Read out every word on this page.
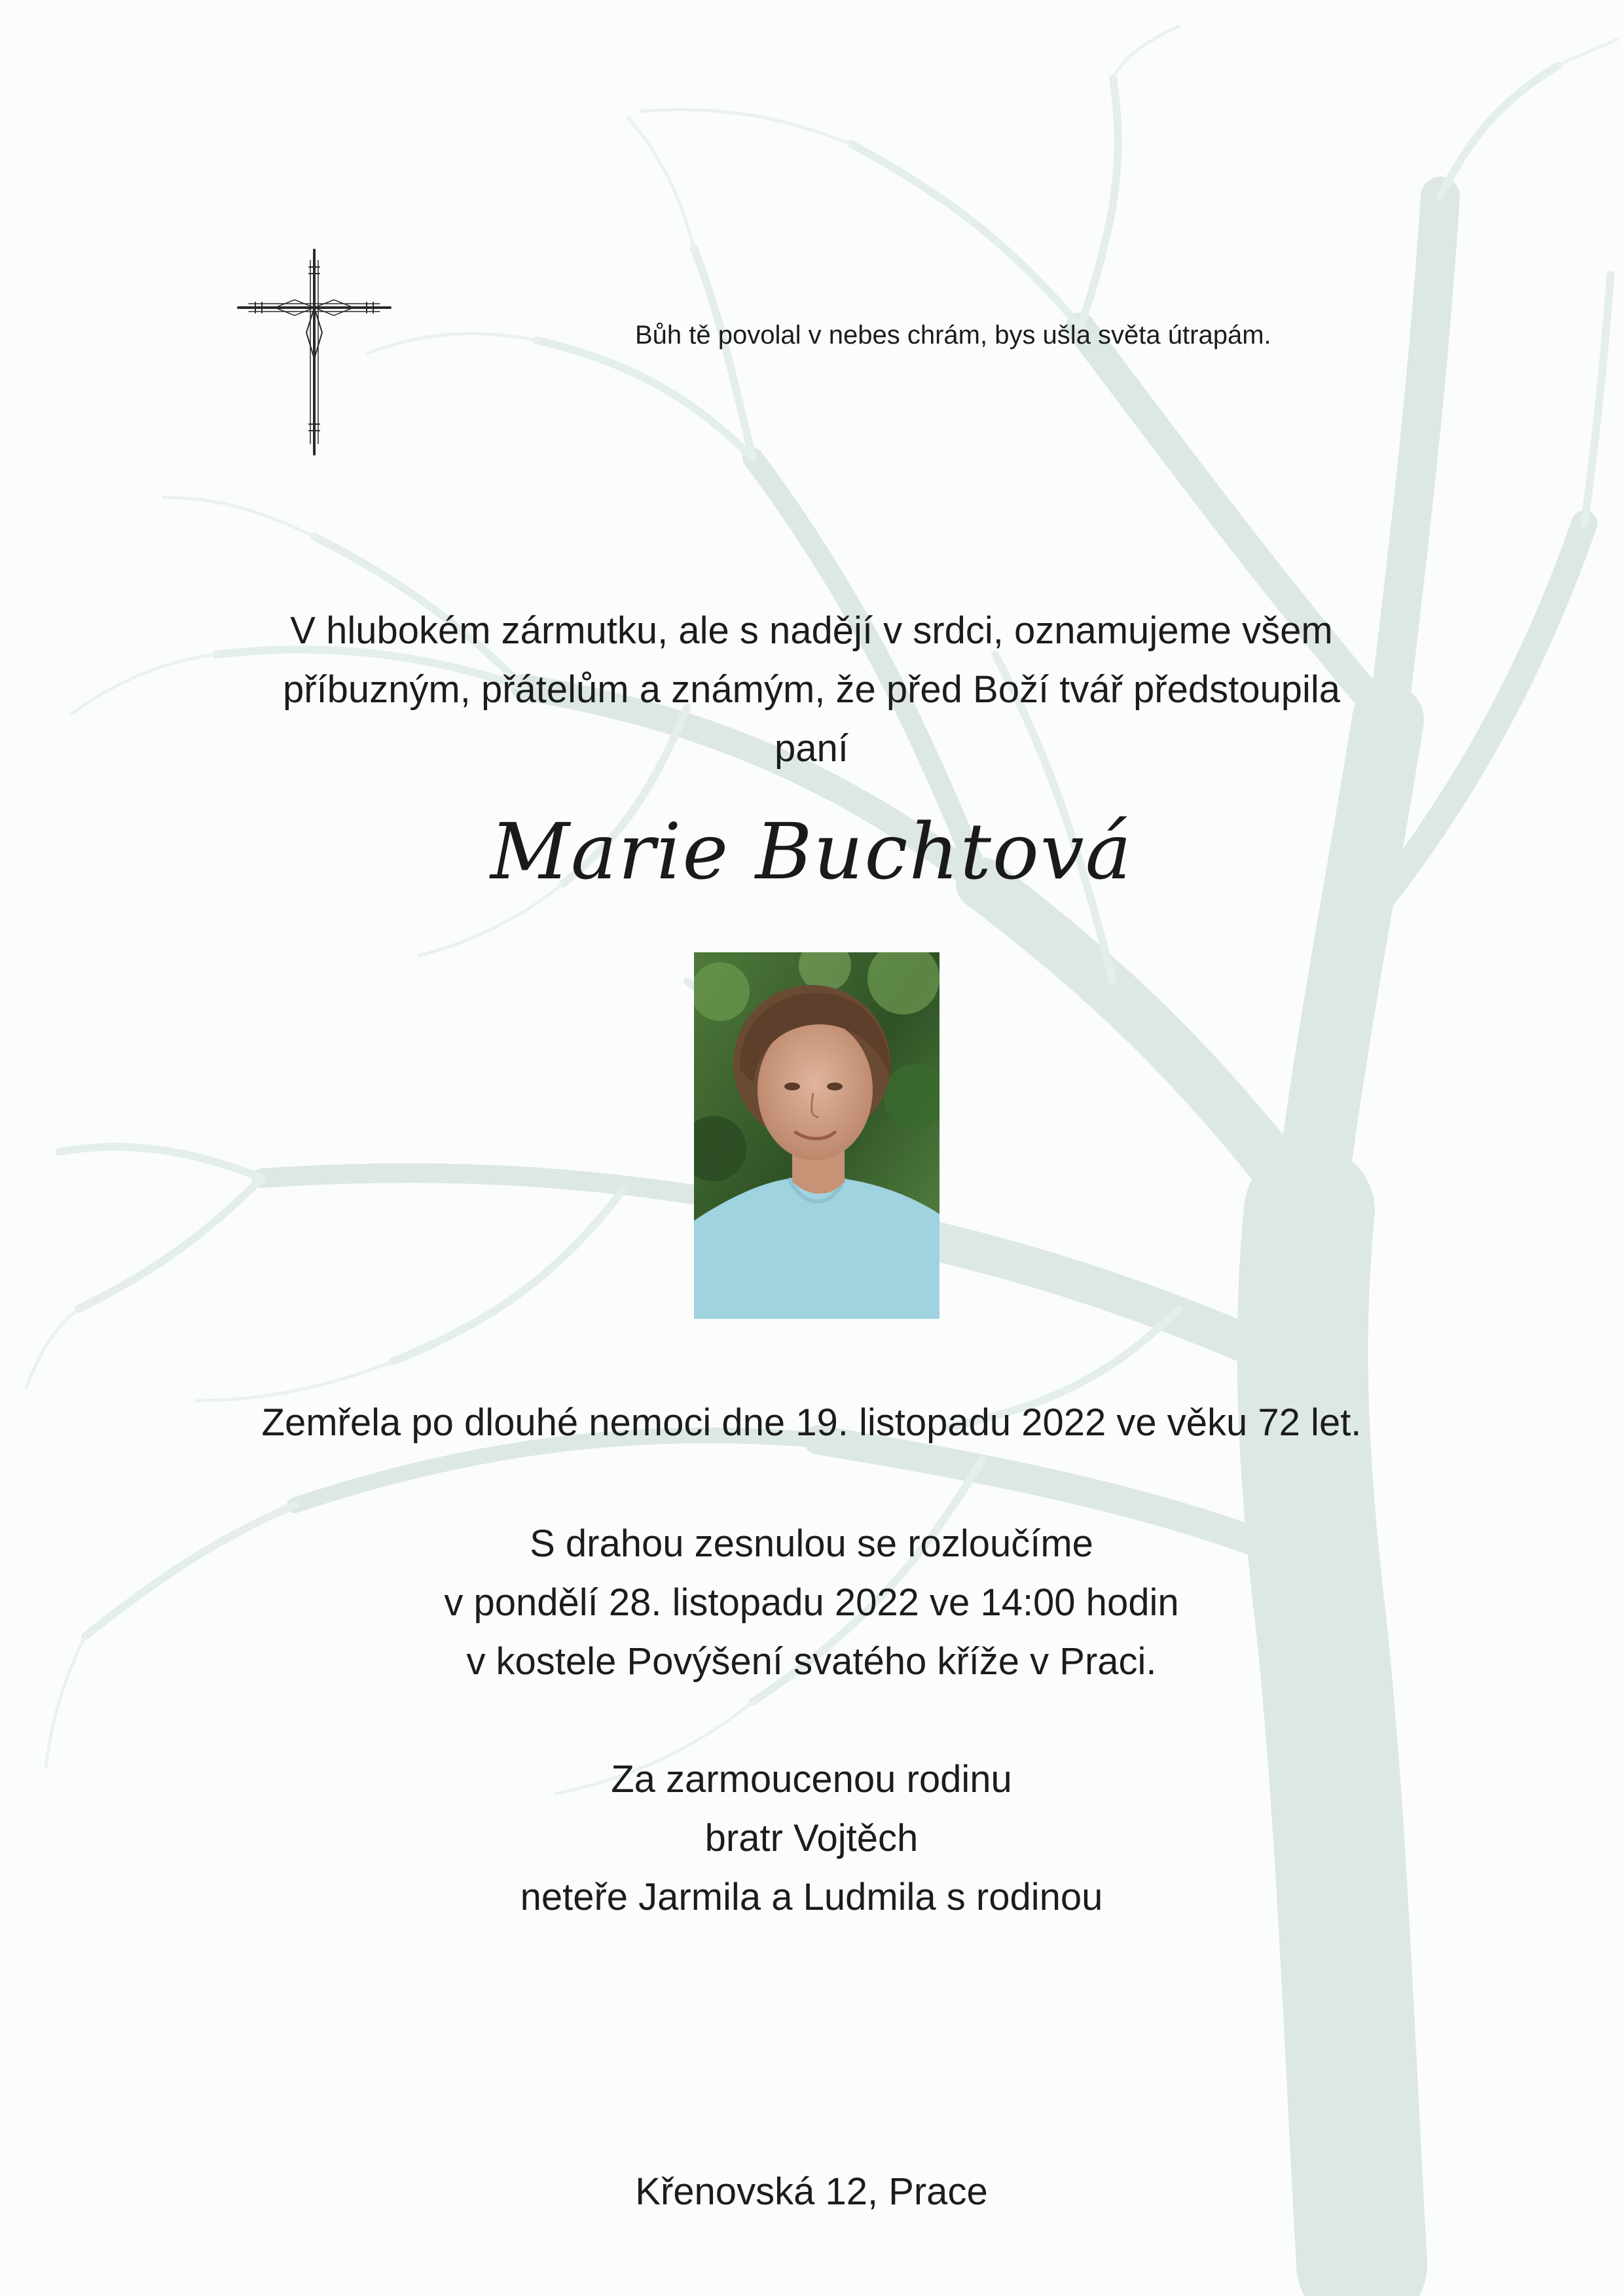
Bůh tě povolal v nebes chrám, bys ušla světa útrapám.
V hlubokém zármutku, ale s nadějí v srdci, oznamujeme všem
příbuzným, přátelům a známým, že před Boží tvář předstoupila
paní
Marie Buchtová
Zemřela po dlouhé nemoci dne 19. listopadu 2022 ve věku 72 let.
S drahou zesnulou se rozloučíme
v pondělí 28. listopadu 2022 ve 14:00 hodin
v kostele Povýšení svatého kříže v Praci.
Za zarmoucenou rodinu
bratr Vojtěch
neteře Jarmila a Ludmila s rodinou
Křenovská 12, Prace
